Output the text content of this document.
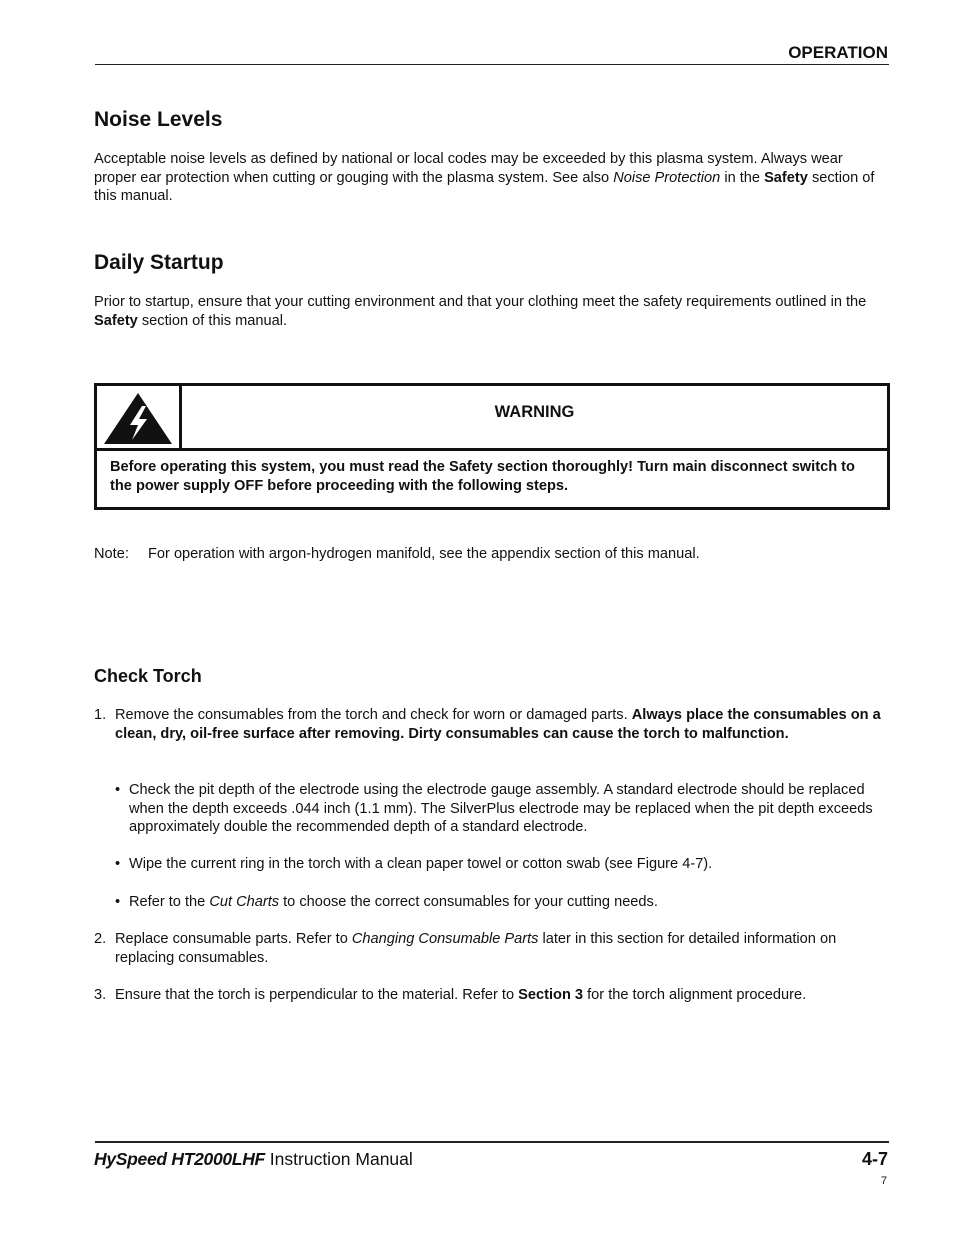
OPERATION
Noise Levels

Acceptable noise levels as defined by national or local codes may be exceeded by this plasma system. Always wear proper ear protection when cutting or gouging with the plasma system. See also Noise Protection in the Safety section of this manual.

Daily Startup

Prior to startup, ensure that your cutting environment and that your clothing meet the safety requirements outlined in the Safety section of this manual.

WARNING
Before operating this system, you must read the Safety section thoroughly! Turn main disconnect switch to the power supply OFF before proceeding with the following steps.
Note: For operation with argon-hydrogen manifold, see the appendix section of this manual.
Check Torch
1. Remove the consumables from the torch and check for worn or damaged parts. Always place the consumables on a clean, dry, oil-free surface after removing. Dirty consumables can cause the torch to malfunction.
• Check the pit depth of the electrode using the electrode gauge assembly. A standard electrode should be replaced when the depth exceeds .044 inch (1.1 mm). The SilverPlus electrode may be replaced when the pit depth exceeds approximately double the recommended depth of a standard electrode.
• Wipe the current ring in the torch with a clean paper towel or cotton swab (see Figure 4-7).
• Refer to the Cut Charts to choose the correct consumables for your cutting needs.
2. Replace consumable parts. Refer to Changing Consumable Parts later in this section for detailed information on replacing consumables.
3. Ensure that the torch is perpendicular to the material. Refer to Section 3 for the torch alignment procedure.
HySpeed HT2000LHF Instruction Manual	4-7
7
